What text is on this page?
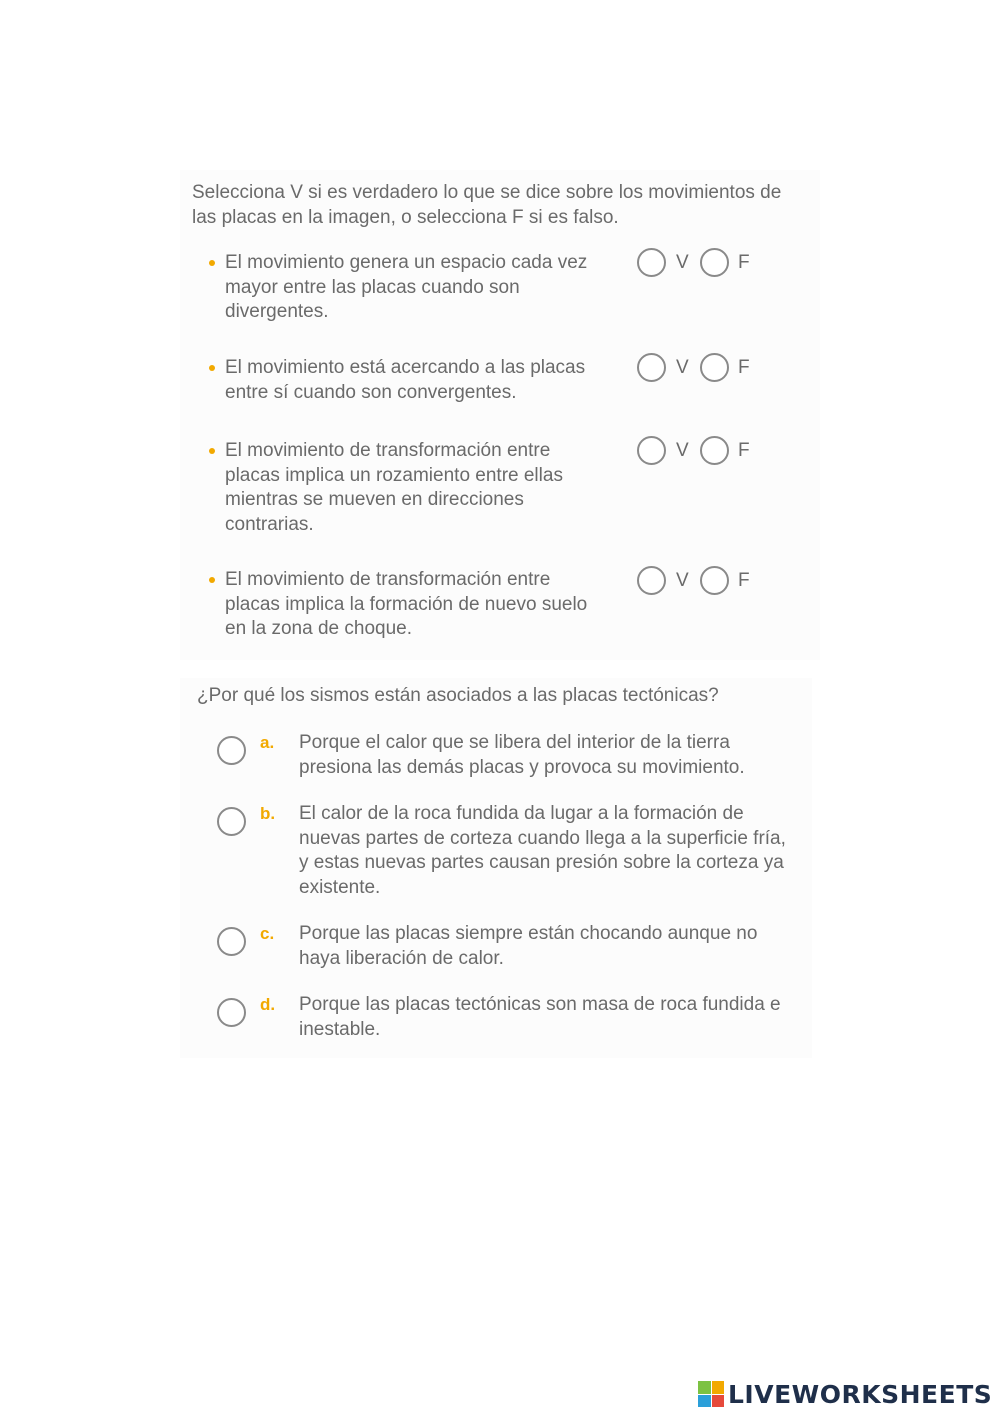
Selecciona V si es verdadero lo que se dice sobre los movimientos de las placas en la imagen, o selecciona F si es falso.

El movimiento genera un espacio cada vez mayor entre las placas cuando son divergentes.

V	F

El movimiento está acercando a las placas entre sí cuando son convergentes.

V	F

El movimiento de transformación entre placas implica un rozamiento entre ellas mientras se mueven en direcciones contrarias.

V	F

El movimiento de transformación entre placas implica la formación de nuevo suelo en la zona de choque.

V	F

¿Por qué los sismos están asociados a las placas tectónicas?

a. Porque el calor que se libera del interior de la tierra presiona las demás placas y provoca su movimiento.

b. El calor de la roca fundida da lugar a la formación de nuevas partes de corteza cuando llega a la superficie fría, y estas nuevas partes causan presión sobre la corteza ya existente.

c. Porque las placas siempre están chocando aunque no haya liberación de calor.

d. Porque las placas tectónicas son masa de roca fundida e inestable.

LIVEWORKSHEETS
